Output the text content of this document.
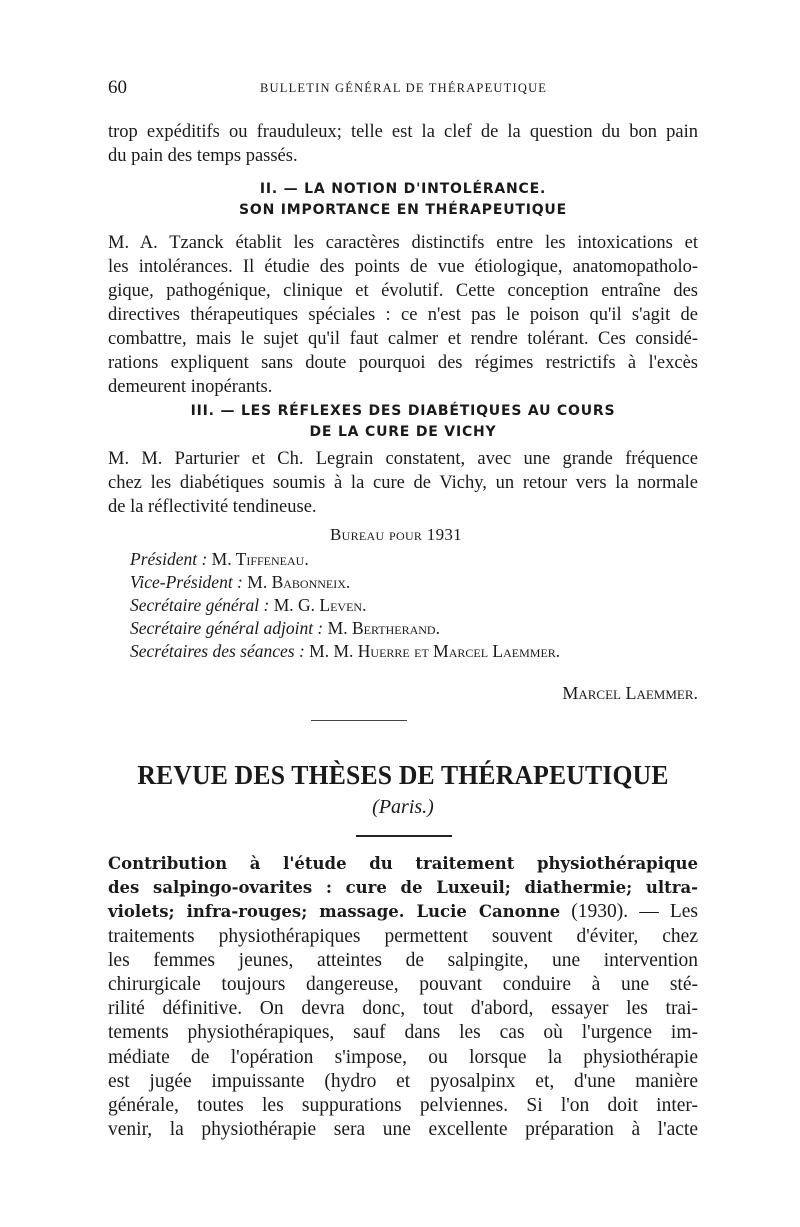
60	BULLETIN GÉNÉRAL DE THÉRAPEUTIQUE
trop expéditifs ou frauduleux; telle est la clef de la question du bon pain
du pain des temps passés.
II. — LA NOTION D'INTOLÉRANCE.
SON IMPORTANCE EN THÉRAPEUTIQUE
M. A. Tzanck établit les caractères distinctifs entre les intoxications et
les intolérances. Il étudie des points de vue étiologique, anatomopatholo-
gique, pathogénique, clinique et évolutif. Cette conception entraîne des
directives thérapeutiques spéciales : ce n'est pas le poison qu'il s'agit de
combattre, mais le sujet qu'il faut calmer et rendre tolérant. Ces considé-
rations expliquent sans doute pourquoi des régimes restrictifs à l'excès
demeurent inopérants.
III. — LES RÉFLEXES DES DIABÉTIQUES AU COURS
DE LA CURE DE VICHY
M. M. Parturier et Ch. Legrain constatent, avec une grande fréquence
chez les diabétiques soumis à la cure de Vichy, un retour vers la normale
de la réflectivité tendineuse.
Bureau pour 1931
Président : M. Tiffeneau.
Vice-Président : M. Babonneix.
Secrétaire général : M. G. Leven.
Secrétaire général adjoint : M. Bertherand.
Secrétaires des séances : M. M. Huerre et Marcel Laemmer.
Marcel Laemmer.
REVUE DES THÈSES DE THÉRAPEUTIQUE
(Paris.)
Contribution à l'étude du traitement physiothérapique
des salpingo-ovarites : cure de Luxeuil; diathermie; ultra-
violets; infra-rouges; massage. Lucie Canonne (1930). — Les
traitements physiothérapiques permettent souvent d'éviter, chez
les femmes jeunes, atteintes de salpingite, une intervention
chirurgicale toujours dangereuse, pouvant conduire à une sté-
rilité définitive. On devra donc, tout d'abord, essayer les trai-
tements physiothérapiques, sauf dans les cas où l'urgence im-
médiate de l'opération s'impose, ou lorsque la physiothérapie
est jugée impuissante (hydro et pyosalpinx et, d'une manière
générale, toutes les suppurations pelviennes. Si l'on doit inter-
venir, la physiothérapie sera une excellente préparation à l'acte
